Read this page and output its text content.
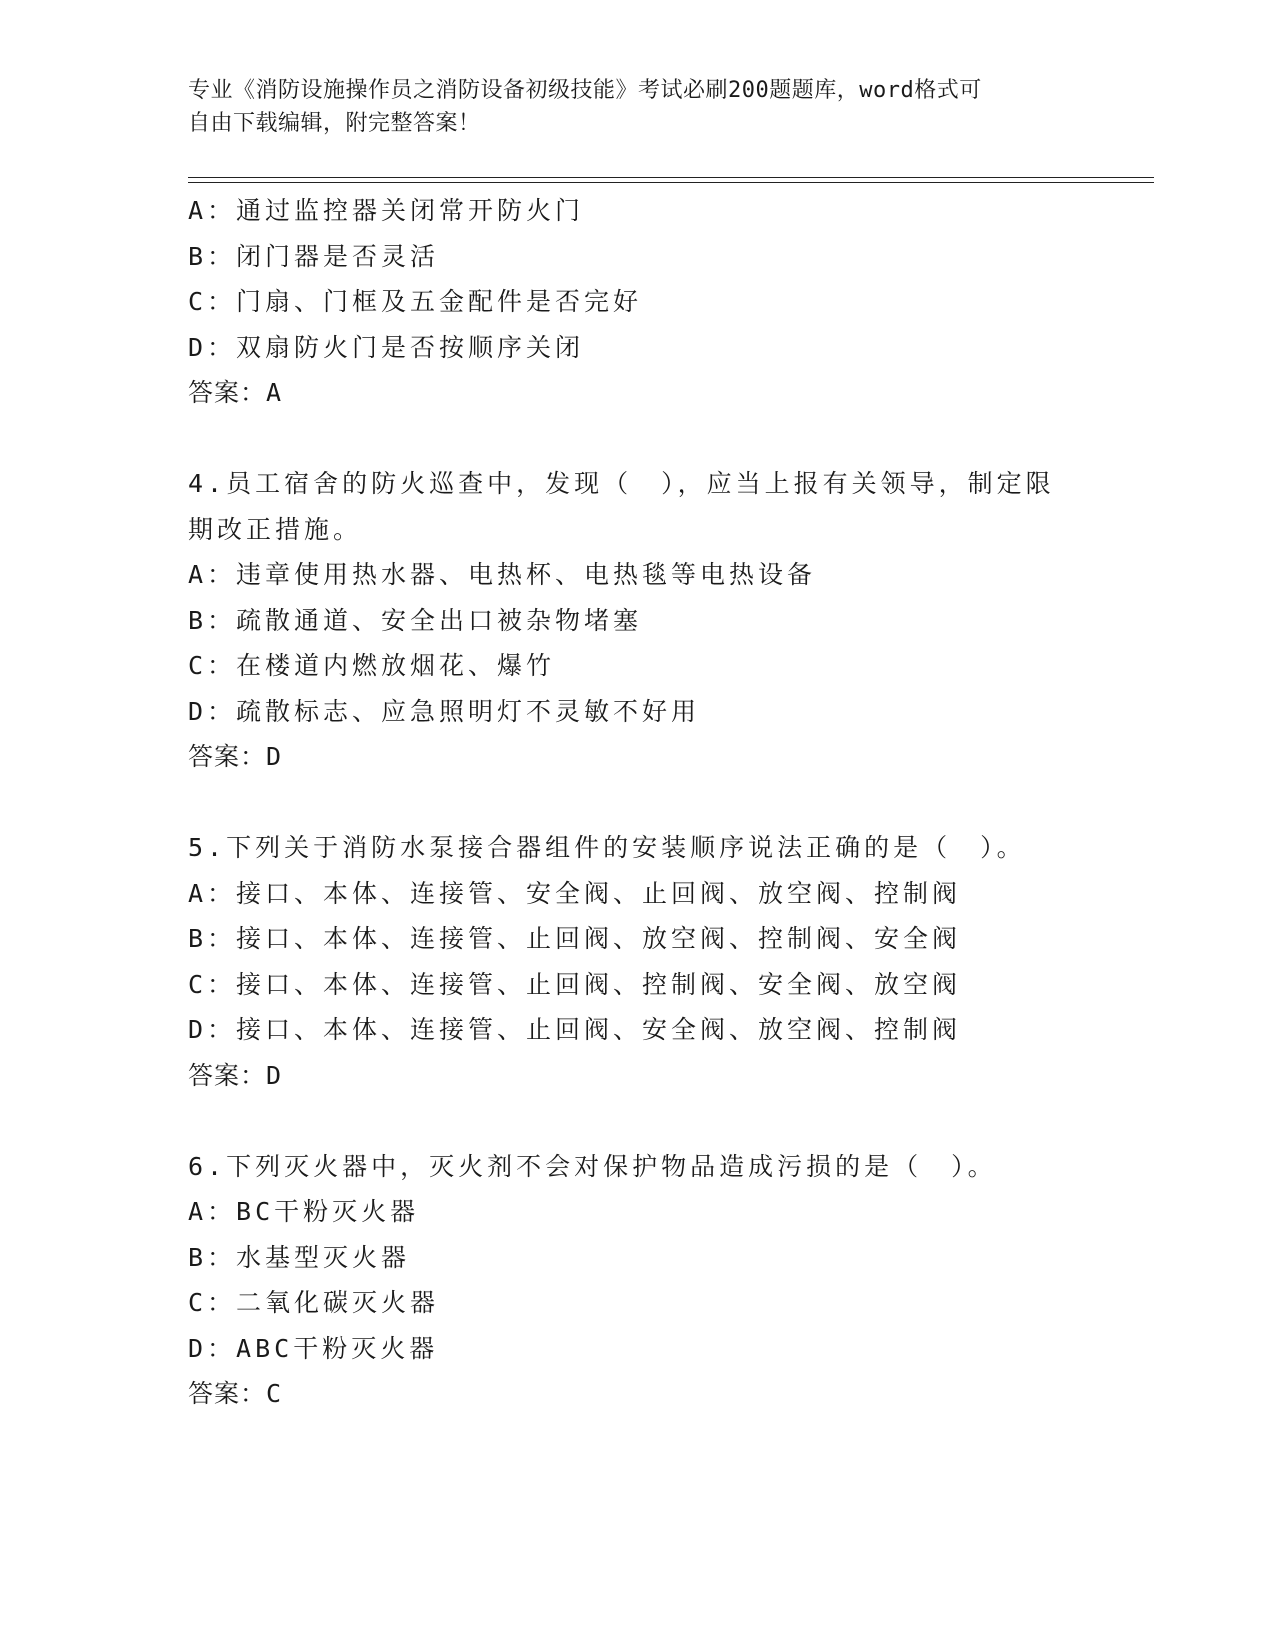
专业《消防设施操作员之消防设备初级技能》考试必刷200题题库，word格式可
自由下载编辑，附完整答案！
A：通过监控器关闭常开防火门
B：闭门器是否灵活
C：门扇、门框及五金配件是否完好
D：双扇防火门是否按顺序关闭
答案：A
4.员工宿舍的防火巡查中，发现（　），应当上报有关领导，制定限
期改正措施。
A：违章使用热水器、电热杯、电热毯等电热设备
B：疏散通道、安全出口被杂物堵塞
C：在楼道内燃放烟花、爆竹
D：疏散标志、应急照明灯不灵敏不好用
答案：D
5.下列关于消防水泵接合器组件的安装顺序说法正确的是（　）。
A：接口、本体、连接管、安全阀、止回阀、放空阀、控制阀
B：接口、本体、连接管、止回阀、放空阀、控制阀、安全阀
C：接口、本体、连接管、止回阀、控制阀、安全阀、放空阀
D：接口、本体、连接管、止回阀、安全阀、放空阀、控制阀
答案：D
6.下列灭火器中，灭火剂不会对保护物品造成污损的是（　）。
A：BC干粉灭火器
B：水基型灭火器
C：二氧化碳灭火器
D：ABC干粉灭火器
答案：C
